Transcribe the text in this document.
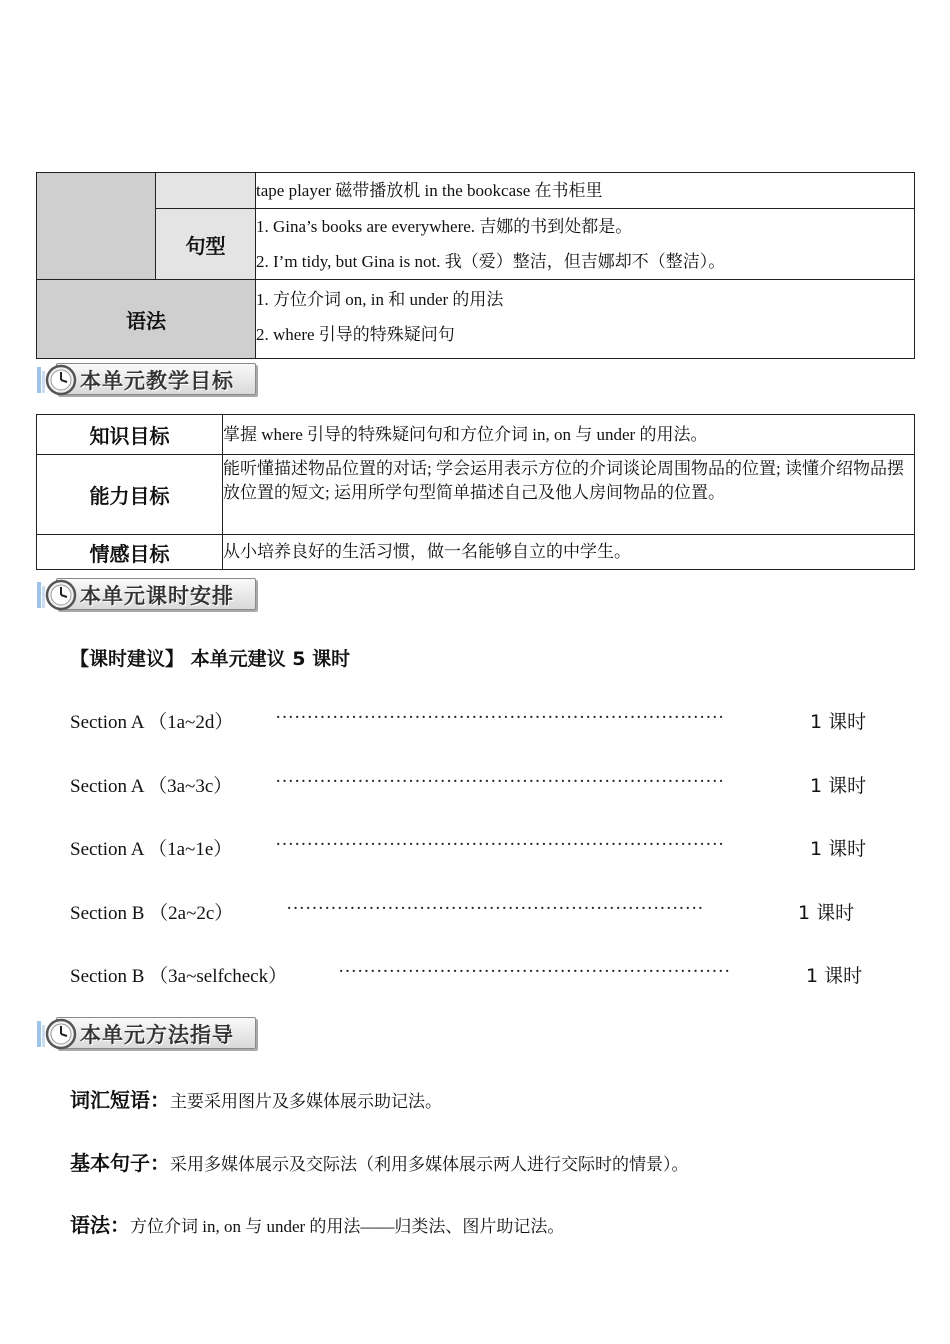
		tape player 磁带播放机 in the bookcase 在书柜里

	句型	1. Gina’s books are everywhere. 吉娜的书到处都是。
2. I’m tidy, but Gina is not. 我（爱）整洁，但吉娜却不（整洁）。

语法		1. 方位介词 on, in 和 under 的用法
2. where 引导的特殊疑问句
本单元教学目标
知识目标	掌握 where 引导的特殊疑问句和方位介词 in, on 与 under 的用法。
能力目标	能听懂描述物品位置的对话; 学会运用表示方位的介词谈论周围物品的位置; 读懂介绍物品摆放位置的短文; 运用所学句型简单描述自己及他人房间物品的位置。
情感目标	从小培养良好的生活习惯，做一名能够自立的中学生。
本单元课时安排
【课时建议】 本单元建议 5 课时
Section A （1a~2d） ·······································································	1 课时
Section A （3a~3c） ·······································································	1 课时
Section A （1a~1e） ·······································································	1 课时
Section B （2a~2c）	··································································	1 课时
Section B （3a~selfcheck）	······························································	1 课时
本单元方法指导
词汇短语：主要采用图片及多媒体展示助记法。
基本句子：采用多媒体展示及交际法（利用多媒体展示两人进行交际时的情景）。
语法：方位介词 in, on 与 under 的用法——归类法、图片助记法。
